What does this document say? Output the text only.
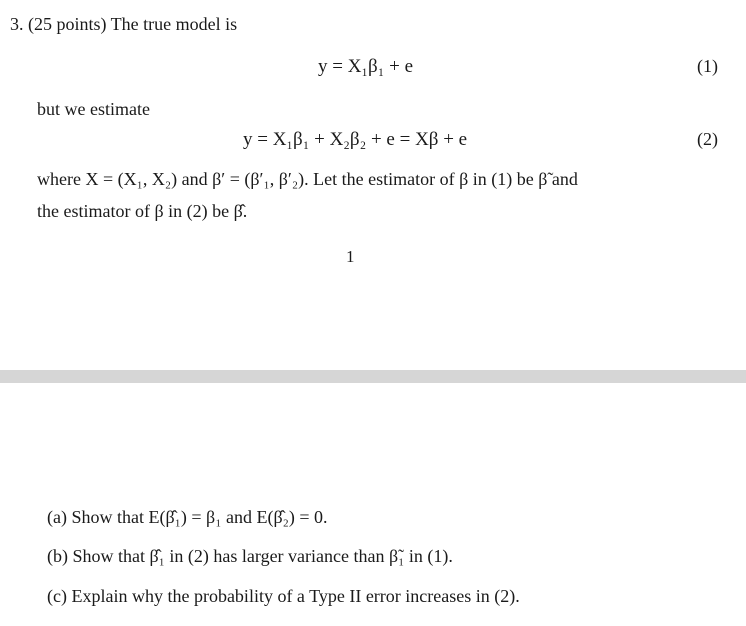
3. (25 points) The true model is
y = X₁β₁ + e	(1)
but we estimate
y = X₁β₁ + X₂β₂ + e = Xβ + e	(2)
where X = (X₁, X₂) and β′ = (β′₁, β′₂). Let the estimator of β in (1) be β̃ and
the estimator of β in (2) be β̂.
1
(a) Show that E(β̂₁) = β₁ and E(β̂₂) = 0.
(b) Show that β̂₁ in (2) has larger variance than β̃₁ in (1).
(c) Explain why the probability of a Type II error increases in (2).
